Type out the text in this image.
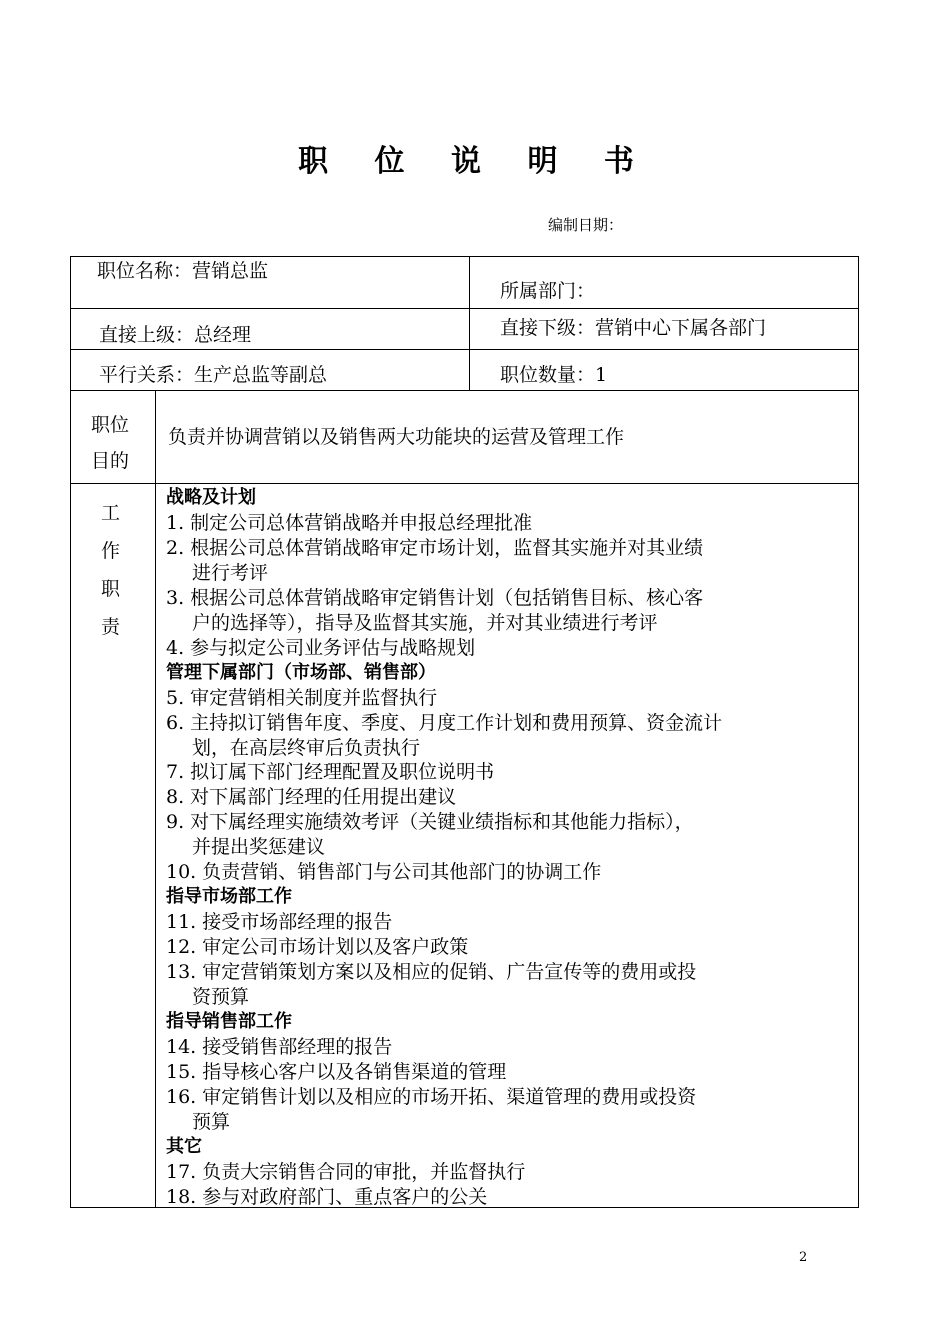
职 位 说 明 书
编制日期：
职位名称：营销总监
所属部门：
直接上级：总经理	直接下级：营销中心下属各部门
平行关系：生产总监等副总	职位数量：1
职位
目的
负责并协调营销以及销售两大功能块的运营及管理工作
工
作
职
责
战略及计划
1. 制定公司总体营销战略并申报总经理批准
2. 根据公司总体营销战略审定市场计划，监督其实施并对其业绩
进行考评
3. 根据公司总体营销战略审定销售计划（包括销售目标、核心客
户的选择等），指导及监督其实施，并对其业绩进行考评
4. 参与拟定公司业务评估与战略规划
管理下属部门（市场部、销售部）
5. 审定营销相关制度并监督执行
6. 主持拟订销售年度、季度、月度工作计划和费用预算、资金流计
划，在高层终审后负责执行
7. 拟订属下部门经理配置及职位说明书
8. 对下属部门经理的任用提出建议
9. 对下属经理实施绩效考评（关键业绩指标和其他能力指标），
并提出奖惩建议
10. 负责营销、销售部门与公司其他部门的协调工作
指导市场部工作
11. 接受市场部经理的报告
12. 审定公司市场计划以及客户政策
13. 审定营销策划方案以及相应的促销、广告宣传等的费用或投
资预算
指导销售部工作
14. 接受销售部经理的报告
15. 指导核心客户以及各销售渠道的管理
16. 审定销售计划以及相应的市场开拓、渠道管理的费用或投资
预算
其它
17. 负责大宗销售合同的审批，并监督执行
18. 参与对政府部门、重点客户的公关
2
